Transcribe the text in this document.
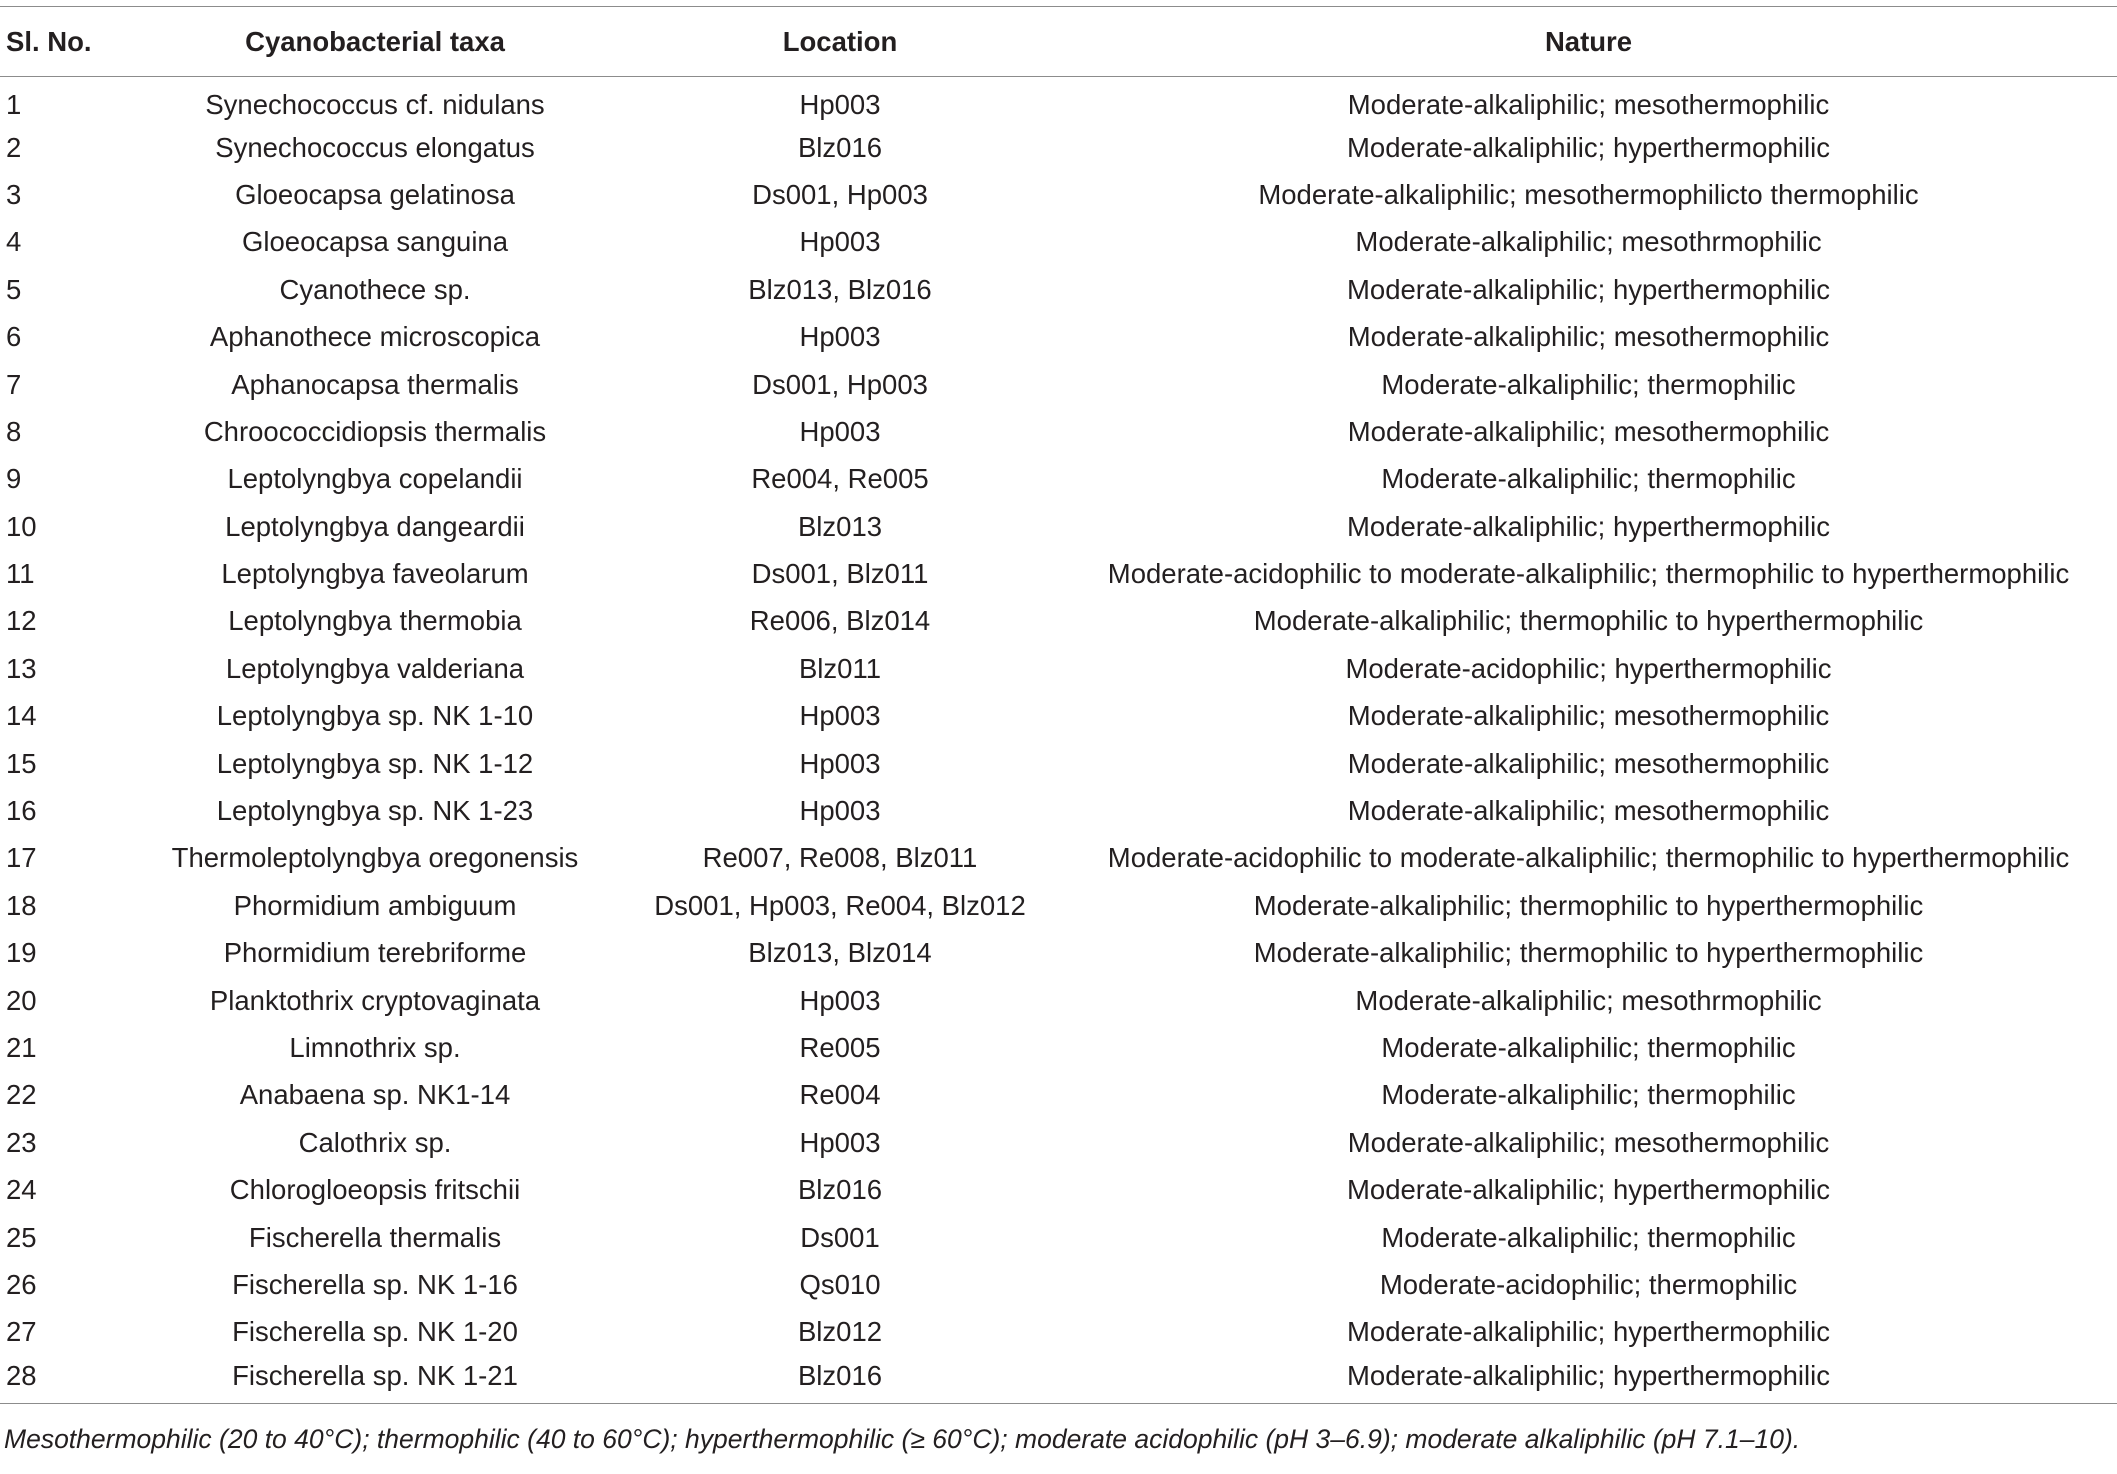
Sl. No.	Cyanobacterial taxa	Location	Nature
1	Synechococcus cf. nidulans	Hp003	Moderate-alkaliphilic; mesothermophilic
2	Synechococcus elongatus	Blz016	Moderate-alkaliphilic; hyperthermophilic
3	Gloeocapsa gelatinosa	Ds001, Hp003	Moderate-alkaliphilic; mesothermophilicto thermophilic
4	Gloeocapsa sanguina	Hp003	Moderate-alkaliphilic; mesothrmophilic
5	Cyanothece sp.	Blz013, Blz016	Moderate-alkaliphilic; hyperthermophilic
6	Aphanothece microscopica	Hp003	Moderate-alkaliphilic; mesothermophilic
7	Aphanocapsa thermalis	Ds001, Hp003	Moderate-alkaliphilic; thermophilic
8	Chroococcidiopsis thermalis	Hp003	Moderate-alkaliphilic; mesothermophilic
9	Leptolyngbya copelandii	Re004, Re005	Moderate-alkaliphilic; thermophilic
10	Leptolyngbya dangeardii	Blz013	Moderate-alkaliphilic; hyperthermophilic
11	Leptolyngbya faveolarum	Ds001, Blz011	Moderate-acidophilic to moderate-alkaliphilic; thermophilic to hyperthermophilic
12	Leptolyngbya thermobia	Re006, Blz014	Moderate-alkaliphilic; thermophilic to hyperthermophilic
13	Leptolyngbya valderiana	Blz011	Moderate-acidophilic; hyperthermophilic
14	Leptolyngbya sp. NK 1-10	Hp003	Moderate-alkaliphilic; mesothermophilic
15	Leptolyngbya sp. NK 1-12	Hp003	Moderate-alkaliphilic; mesothermophilic
16	Leptolyngbya sp. NK 1-23	Hp003	Moderate-alkaliphilic; mesothermophilic
17	Thermoleptolyngbya oregonensis	Re007, Re008, Blz011	Moderate-acidophilic to moderate-alkaliphilic; thermophilic to hyperthermophilic
18	Phormidium ambiguum	Ds001, Hp003, Re004, Blz012	Moderate-alkaliphilic; thermophilic to hyperthermophilic
19	Phormidium terebriforme	Blz013, Blz014	Moderate-alkaliphilic; thermophilic to hyperthermophilic
20	Planktothrix cryptovaginata	Hp003	Moderate-alkaliphilic; mesothrmophilic
21	Limnothrix sp.	Re005	Moderate-alkaliphilic; thermophilic
22	Anabaena sp. NK1-14	Re004	Moderate-alkaliphilic; thermophilic
23	Calothrix sp.	Hp003	Moderate-alkaliphilic; mesothermophilic
24	Chlorogloeopsis fritschii	Blz016	Moderate-alkaliphilic; hyperthermophilic
25	Fischerella thermalis	Ds001	Moderate-alkaliphilic; thermophilic
26	Fischerella sp. NK 1-16	Qs010	Moderate-acidophilic; thermophilic
27	Fischerella sp. NK 1-20	Blz012	Moderate-alkaliphilic; hyperthermophilic
28	Fischerella sp. NK 1-21	Blz016	Moderate-alkaliphilic; hyperthermophilic
Mesothermophilic (20 to 40°C); thermophilic (40 to 60°C); hyperthermophilic (≥ 60°C); moderate acidophilic (pH 3–6.9); moderate alkaliphilic (pH 7.1–10).
